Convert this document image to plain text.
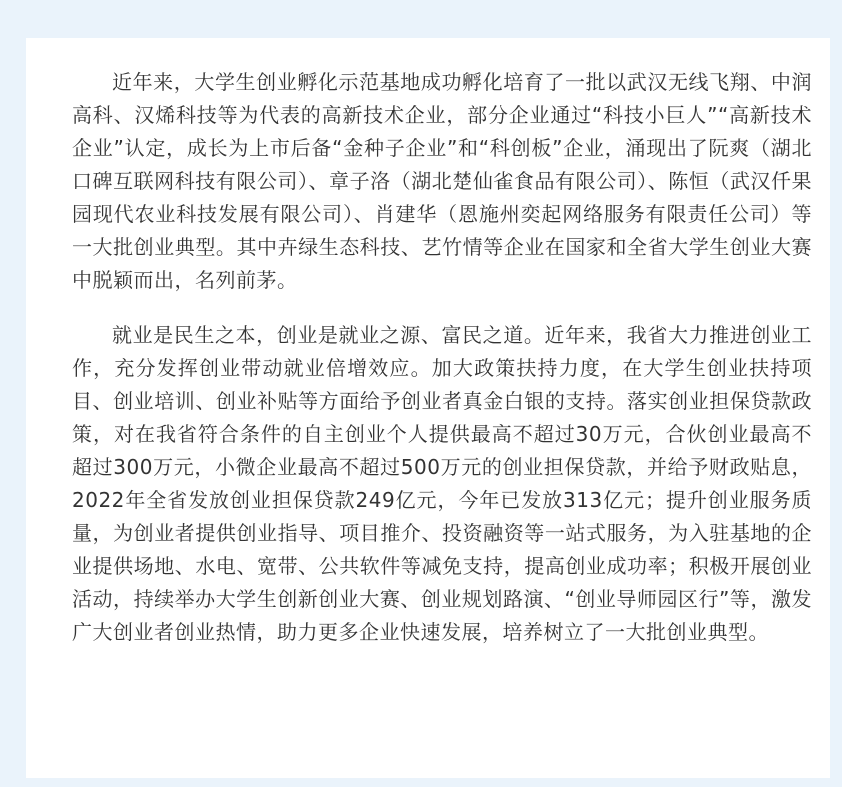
近年来，大学生创业孵化示范基地成功孵化培育了一批以武汉无线飞翔、中润高科、汉烯科技等为代表的高新技术企业，部分企业通过“科技小巨人”“高新技术企业”认定，成长为上市后备“金种子企业”和“科创板”企业，涌现出了阮爽（湖北口碑互联网科技有限公司）、章子洛（湖北楚仙雀食品有限公司）、陈恒（武汉仟果园现代农业科技发展有限公司）、肖建华（恩施州奕起网络服务有限责任公司）等一大批创业典型。其中卉绿生态科技、艺竹情等企业在国家和全省大学生创业大赛中脱颖而出，名列前茅。

就业是民生之本，创业是就业之源、富民之道。近年来，我省大力推进创业工作，充分发挥创业带动就业倍增效应。加大政策扶持力度，在大学生创业扶持项目、创业培训、创业补贴等方面给予创业者真金白银的支持。落实创业担保贷款政策，对在我省符合条件的自主创业个人提供最高不超过30万元，合伙创业最高不超过300万元，小微企业最高不超过500万元的创业担保贷款，并给予财政贴息，2022年全省发放创业担保贷款249亿元，今年已发放313亿元；提升创业服务质量，为创业者提供创业指导、项目推介、投资融资等一站式服务，为入驻基地的企业提供场地、水电、宽带、公共软件等减免支持，提高创业成功率；积极开展创业活动，持续举办大学生创新创业大赛、创业规划路演、“创业导师园区行”等，激发广大创业者创业热情，助力更多企业快速发展，培养树立了一大批创业典型。
